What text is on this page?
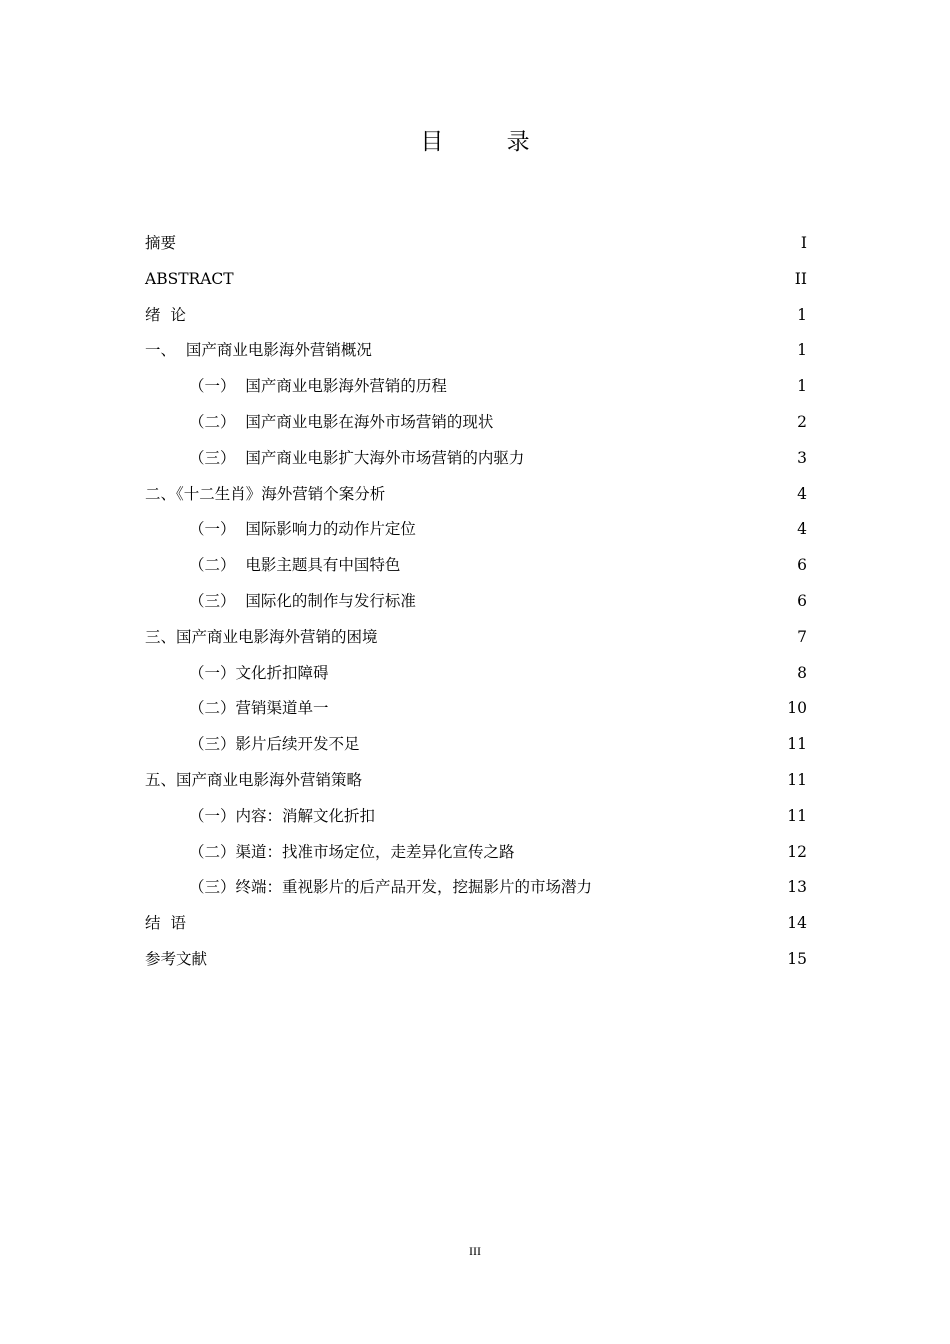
目 录
摘要	I
ABSTRACT	II
绪  论	1
一、  国产商业电影海外营销概况	1
（一）  国产商业电影海外营销的历程	1
（二）  国产商业电影在海外市场营销的现状	2
（三）  国产商业电影扩大海外市场营销的内驱力	3
二、《十二生肖》海外营销个案分析	4
（一）  国际影响力的动作片定位	4
（二）  电影主题具有中国特色	6
（三）  国际化的制作与发行标准	6
三、国产商业电影海外营销的困境	7
（一）文化折扣障碍	8
（二）营销渠道单一	10
（三）影片后续开发不足	11
五、国产商业电影海外营销策略	11
（一）内容：消解文化折扣	11
（二）渠道：找准市场定位，走差异化宣传之路	12
（三）终端：重视影片的后产品开发，挖掘影片的市场潜力	13
结  语	14
参考文献	15
III
